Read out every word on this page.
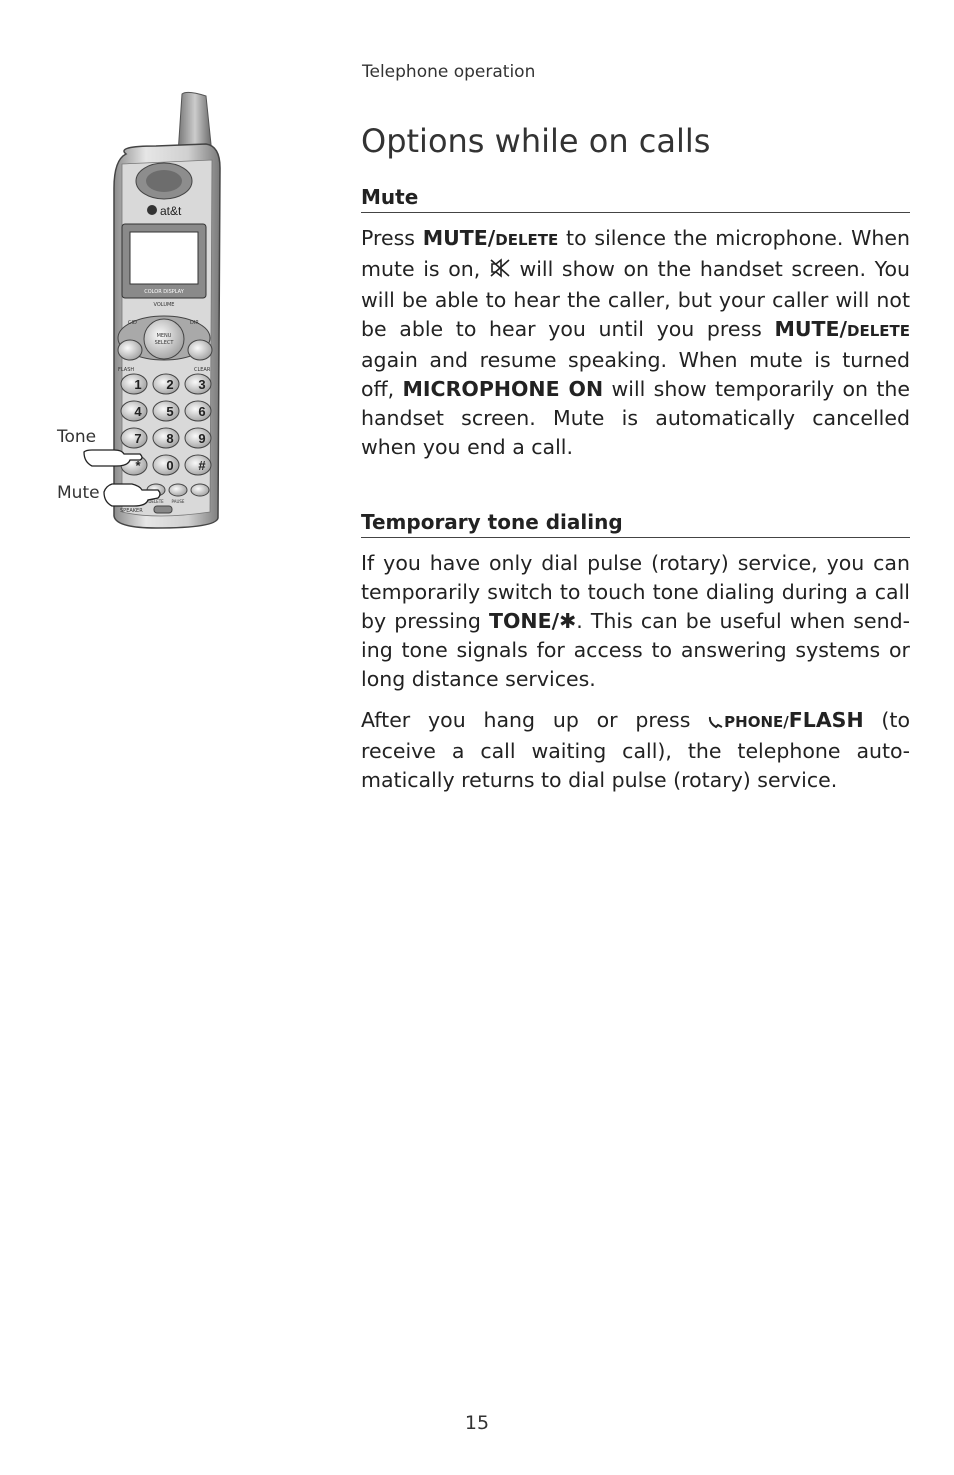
Telephone operation
Options while on calls
at&t
COLOR DISPLAY
VOLUME
MENU
SELECT
CID	DIR
FLASH	CLEAR
1 2 3
4 5 6
7 8 9
* 0 #
DELETE PAUSE
SPEAKER
Tone
Mute
Mute

Press MUTE/DELETE to silence the microphone. When mute is on,  will show on the handset screen. You will be able to hear the caller, but your caller will not be able to hear you until you press MUTE/DELETE again and resume speaking. When mute is turned off, MICROPHONE ON will show temporarily on the handset screen. Mute is automatically cancelled when you end a call.

Temporary tone dialing

If you have only dial pulse (rotary) service, you can temporarily switch to touch tone dialing during a call by pressing TONE/✱. This can be useful when sending tone signals for access to answering systems or long distance services.

After you hang up or press PHONE/FLASH (to receive a call waiting call), the telephone automatically returns to dial pulse (rotary) service.

15
